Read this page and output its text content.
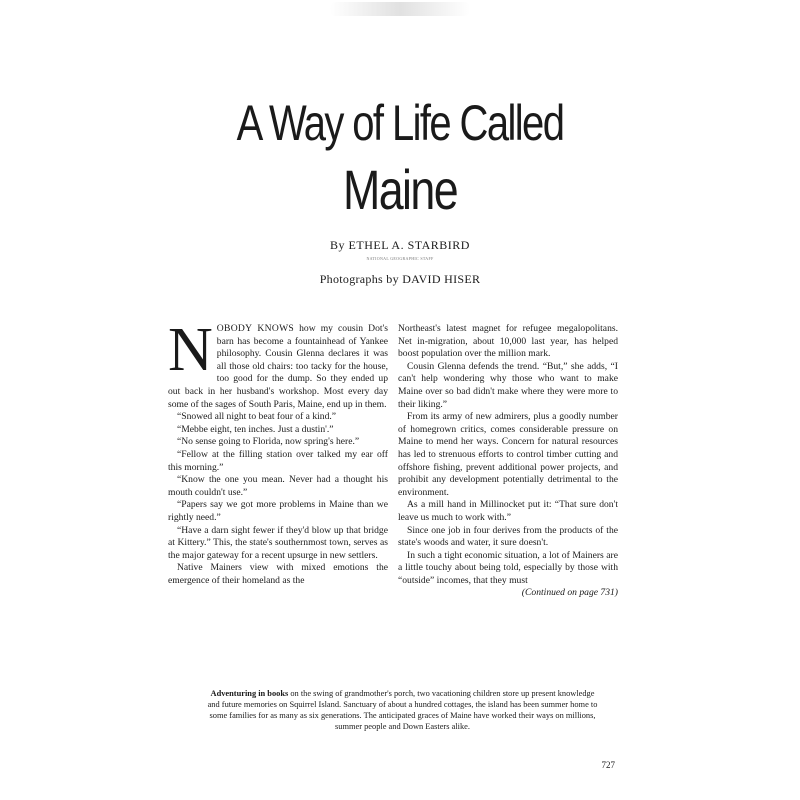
A Way of Life Called
Maine
By ETHEL A. STARBIRD
NATIONAL GEOGRAPHIC STAFF
Photographs by DAVID HISER

NOBODY KNOWS how my cousin Dot's barn has become a fountainhead of Yankee philosophy. Cousin Glenna declares it was all those old chairs: too tacky for the house, too good for the dump. So they ended up out back in her husband's workshop. Most every day some of the sages of South Paris, Maine, end up in them.

“Snowed all night to beat four of a kind.”

“Mebbe eight, ten inches. Just a dustin'.”

“No sense going to Florida, now spring's here.”

“Fellow at the filling station over talked my ear off this morning.”

“Know the one you mean. Never had a thought his mouth couldn't use.”

“Papers say we got more problems in Maine than we rightly need.”

“Have a darn sight fewer if they'd blow up that bridge at Kittery.” This, the state's southernmost town, serves as the major gateway for a recent upsurge in new settlers.

Native Mainers view with mixed emotions the emergence of their homeland as the

Northeast's latest magnet for refugee megalopolitans. Net in-migration, about 10,000 last year, has helped boost population over the million mark.

Cousin Glenna defends the trend. “But,” she adds, “I can't help wondering why those who want to make Maine over so bad didn't make where they were more to their liking.”

From its army of new admirers, plus a goodly number of homegrown critics, comes considerable pressure on Maine to mend her ways. Concern for natural resources has led to strenuous efforts to control timber cutting and offshore fishing, prevent additional power projects, and prohibit any development potentially detrimental to the environment.

As a mill hand in Millinocket put it: “That sure don't leave us much to work with.”

Since one job in four derives from the products of the state's woods and water, it sure doesn't.

In such a tight economic situation, a lot of Mainers are a little touchy about being told, especially by those with “outside” incomes, that they must
(Continued on page 731)

Adventuring in books on the swing of grandmother's porch, two vacationing children store up present knowledge and future memories on Squirrel Island. Sanctuary of about a hundred cottages, the island has been summer home to some families for as many as six generations. The anticipated graces of Maine have worked their ways on millions, summer people and Down Easters alike.
727
